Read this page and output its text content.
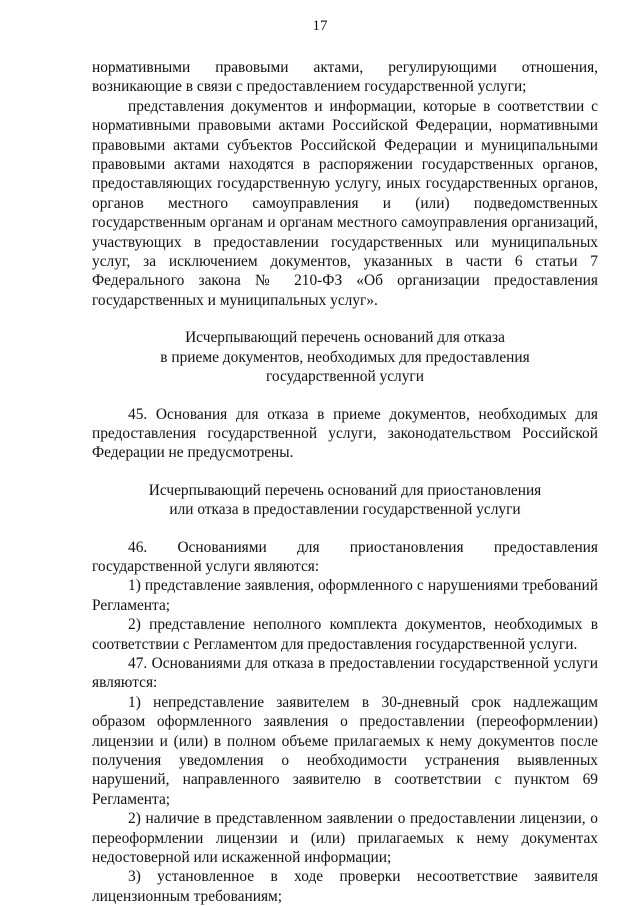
17

нормативными правовыми актами, регулирующими отношения, возникающие в связи с предоставлением государственной услуги;

представления документов и информации, которые в соответствии с нормативными правовыми актами Российской Федерации, нормативными правовыми актами субъектов Российской Федерации и муниципальными правовыми актами находятся в распоряжении государственных органов, предоставляющих государственную услугу, иных государственных органов, органов местного самоуправления и (или) подведомственных государственным органам и органам местного самоуправления организаций, участвующих в предоставлении государственных или муниципальных услуг, за исключением документов, указанных в части 6 статьи 7 Федерального закона № 210-ФЗ «Об организации предоставления государственных и муниципальных услуг».

Исчерпывающий перечень оснований для отказа

в приеме документов, необходимых для предоставления

государственной услуги

45. Основания для отказа в приеме документов, необходимых для предоставления государственной услуги, законодательством Российской Федерации не предусмотрены.

Исчерпывающий перечень оснований для приостановления

или отказа в предоставлении государственной услуги

46. Основаниями для приостановления предоставления государственной услуги являются:

1) представление заявления, оформленного с нарушениями требований Регламента;

2) представление неполного комплекта документов, необходимых в соответствии с Регламентом для предоставления государственной услуги.

47. Основаниями для отказа в предоставлении государственной услуги являются:

1) непредставление заявителем в 30-дневный срок надлежащим образом оформленного заявления о предоставлении (переоформлении) лицензии и (или) в полном объеме прилагаемых к нему документов после получения уведомления о необходимости устранения выявленных нарушений, направленного заявителю в соответствии с пунктом 69 Регламента;

2) наличие в представленном заявлении о предоставлении лицензии, о переоформлении лицензии и (или) прилагаемых к нему документах недостоверной или искаженной информации;

3) установленное в ходе проверки несоответствие заявителя лицензионным требованиям;
